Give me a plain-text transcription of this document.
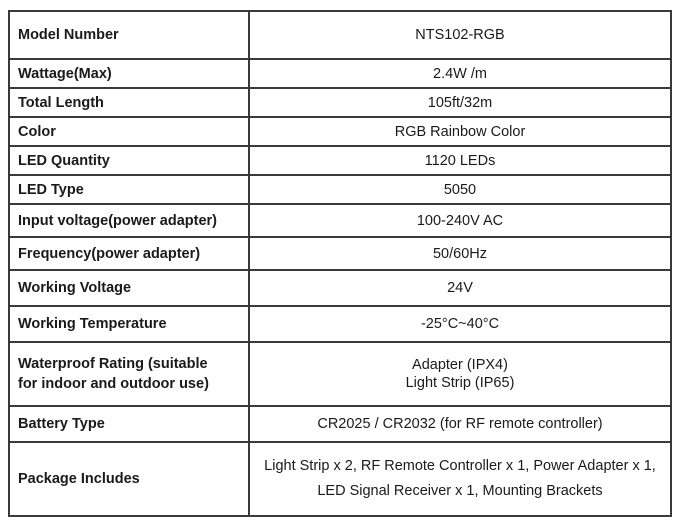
Model Number	NTS102-RGB
Wattage(Max)	2.4W /m
Total Length	105ft/32m
Color	RGB Rainbow Color
LED Quantity	1120 LEDs
LED Type	5050
Input voltage(power adapter)	100-240V AC
Frequency(power adapter)	50/60Hz
Working Voltage	24V
Working Temperature	-25°C~40°C

Waterproof Rating (suitable
for indoor and outdoor use)	Adapter (IPX4)
Light Strip (IP65)

Battery Type	CR2025 / CR2032 (for RF remote controller)
Package Includes	Light Strip x 2, RF Remote Controller x 1, Power Adapter x 1,
LED Signal Receiver x 1, Mounting Brackets
